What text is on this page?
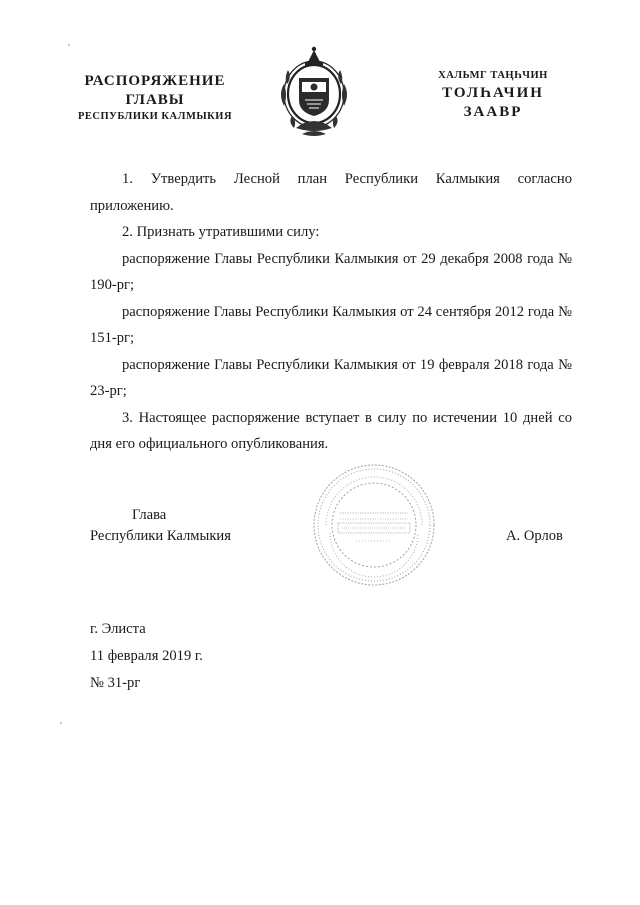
РАСПОРЯЖЕНИЕ
ГЛАВЫ
РЕСПУБЛИКИ КАЛМЫКИЯ
ХАЛЬМГ ТАҢҺЧИН
ТОЛҺАЧИН
ЗААВР

1. Утвердить Лесной план Республики Калмыкия согласно приложению.

2. Признать утратившими силу:

распоряжение Главы Республики Калмыкия от 29 декабря 2008 года № 190-рг;

распоряжение Главы Республики Калмыкия от 24 сентября 2012 года № 151-рг;

распоряжение Главы Республики Калмыкия от 19 февраля 2018 года № 23-рг;

3. Настоящее распоряжение вступает в силу по истечении 10 дней со дня его официального опубликования.

Глава
Республики Калмыкия	А. Орлов
г. Элиста
11 февраля 2019 г.
№ 31-рг
